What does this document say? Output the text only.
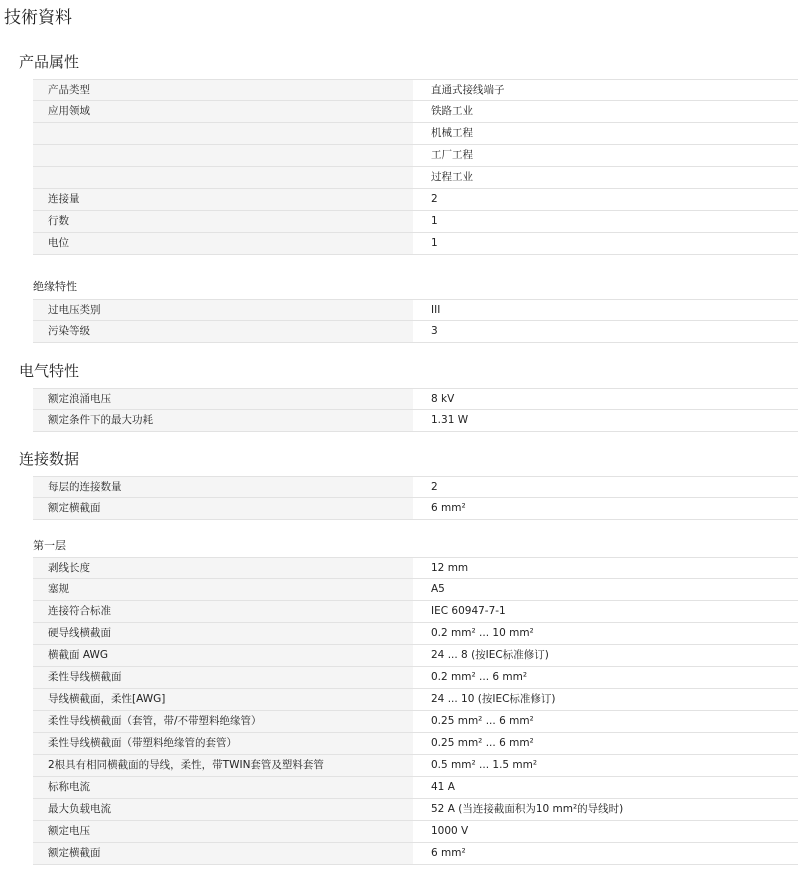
技術資料
产品属性
产品类型	直通式接线端子
应用领域	铁路工业
机械工程
工厂工程
过程工业
连接量	2
行数	1
电位	1
绝缘特性
过电压类别	III
污染等级	3
电气特性
额定浪涌电压	8 kV
额定条件下的最大功耗	1.31 W
连接数据
每层的连接数量	2
额定横截面	6 mm²
第一层
剥线长度	12 mm
塞规	A5
连接符合标准	IEC 60947-7-1
硬导线横截面	0.2 mm² ... 10 mm²
横截面 AWG	24 ... 8 (按IEC标准修订)
柔性导线横截面	0.2 mm² ... 6 mm²
导线横截面，柔性[AWG]	24 ... 10 (按IEC标准修订)
柔性导线横截面（套管，带/不带塑料绝缘管）	0.25 mm² ... 6 mm²
柔性导线横截面（带塑料绝缘管的套管）	0.25 mm² ... 6 mm²
2根具有相同横截面的导线，柔性，带TWIN套管及塑料套管	0.5 mm² ... 1.5 mm²
标称电流	41 A
最大负载电流	52 A (当连接截面积为10 mm²的导线时)
额定电压	1000 V
额定横截面	6 mm²
